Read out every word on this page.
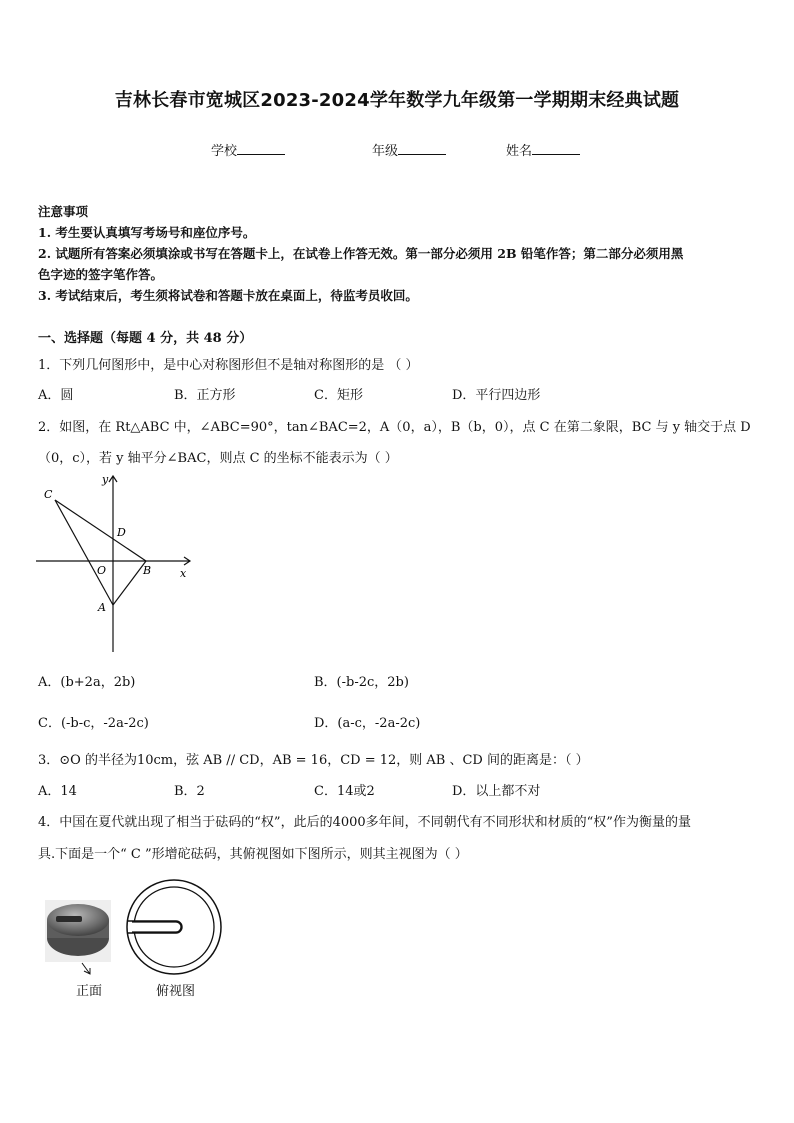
吉林长春市宽城区2023-2024学年数学九年级第一学期期末经典试题
学校	年级	姓名
注意事项
1. 考生要认真填写考场号和座位序号。
2. 试题所有答案必须填涂或书写在答题卡上，在试卷上作答无效。第一部分必须用 2B 铅笔作答；第二部分必须用黑
色字迹的签字笔作答。
3. 考试结束后，考生须将试卷和答题卡放在桌面上，待监考员收回。
一、选择题（每题 4 分，共 48 分）
1．下列几何图形中，是中心对称图形但不是轴对称图形的是 （ ）
A．圆	B．正方形	C．矩形	D．平行四边形
2．如图，在 Rt△ABC 中，∠ABC=90°，tan∠BAC=2，A（0，a），B（b，0），点 C 在第二象限，BC 与 y 轴交于点 D
（0，c），若 y 轴平分∠BAC，则点 C 的坐标不能表示为（ ）
C
D
O	B
A
x
y
A．(b+2a，2b)	B．(-b-2c，2b)
C．(-b-c，-2a-2c)	D．(a-c，-2a-2c)
3．⊙O 的半径为10cm，弦 AB // CD，AB = 16，CD = 12，则 AB 、CD 间的距离是：（ ）
A．14	B．2	C．14或2	D．以上都不对
4．中国在夏代就出现了相当于砝码的“权”，此后的4000多年间，不同朝代有不同形状和材质的“权”作为衡量的量
具.下面是一个“ C ”形增砣砝码，其俯视图如下图所示，则其主视图为（ ）
正面	俯视图
